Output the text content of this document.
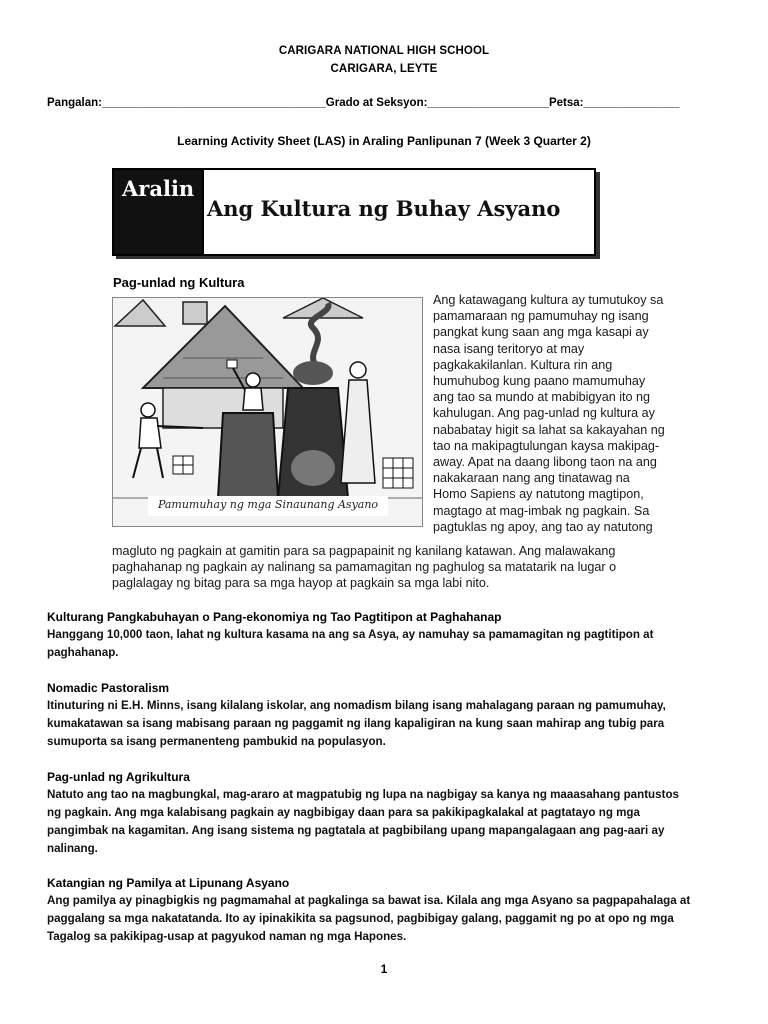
CARIGARA NATIONAL HIGH SCHOOL
CARIGARA, LEYTE
Pangalan:___________________________________Grado at Seksyon:___________________Petsa:_______________
Learning Activity Sheet (LAS) in Araling Panlipunan 7 (Week 3 Quarter 2)
Aralin
Ang Kultura ng Buhay Asyano
Pag-unlad ng Kultura
Pamumuhay ng mga Sinaunang Asyano
Ang katawagang kultura ay tumutukoy sa
pamamaraan ng pamumuhay ng isang
pangkat kung saan ang mga kasapi ay
nasa isang teritoryo at may
pagkakakilanlan. Kultura rin ang
humuhubog kung paano mamumuhay
ang tao sa mundo at mabibigyan ito ng
kahulugan. Ang pag-unlad ng kultura ay
nababatay higit sa lahat sa kakayahan ng
tao na makipagtulungan kaysa makipag-
away. Apat na daang libong taon na ang
nakakaraan nang ang tinatawag na
Homo Sapiens ay natutong magtipon,
magtago at mag-imbak ng pagkain. Sa
pagtuklas ng apoy, ang tao ay natutong
magluto ng pagkain at gamitin para sa pagpapainit ng kanilang katawan. Ang malawakang
paghahanap ng pagkain ay nalinang sa pamamagitan ng paghulog sa matatarik na lugar o
paglalagay ng bitag para sa mga hayop at pagkain sa mga labi nito.
Kulturang Pangkabuhayan o Pang-ekonomiya ng Tao Pagtitipon at Paghahanap
Hanggang 10,000 taon, lahat ng kultura kasama na ang sa Asya, ay namuhay sa pamamagitan ng pagtitipon at
paghahanap.
Nomadic Pastoralism
Itinuturing ni E.H. Minns, isang kilalang iskolar, ang nomadism bilang isang mahalagang paraan ng pamumuhay,
kumakatawan sa isang mabisang paraan ng paggamit ng ilang kapaligiran na kung saan mahirap ang tubig para
sumuporta sa isang permanenteng pambukid na populasyon.
Pag-unlad ng Agrikultura
Natuto ang tao na magbungkal, mag-araro at magpatubig ng lupa na nagbigay sa kanya ng maaasahang pantustos
ng pagkain. Ang mga kalabisang pagkain ay nagbibigay daan para sa pakikipagkalakal at pagtatayo ng mga
pangimbak na kagamitan. Ang isang sistema ng pagtatala at pagbibilang upang mapangalagaan ang pag-aari ay
nalinang.
Katangian ng Pamilya at Lipunang Asyano
Ang pamilya ay pinagbigkis ng pagmamahal at pagkalinga sa bawat isa. Kilala ang mga Asyano sa pagpapahalaga at
paggalang sa mga nakatatanda. Ito ay ipinakikita sa pagsunod, pagbibigay galang, paggamit ng po at opo ng mga
Tagalog sa pakikipag-usap at pagyukod naman ng mga Hapones.
1
